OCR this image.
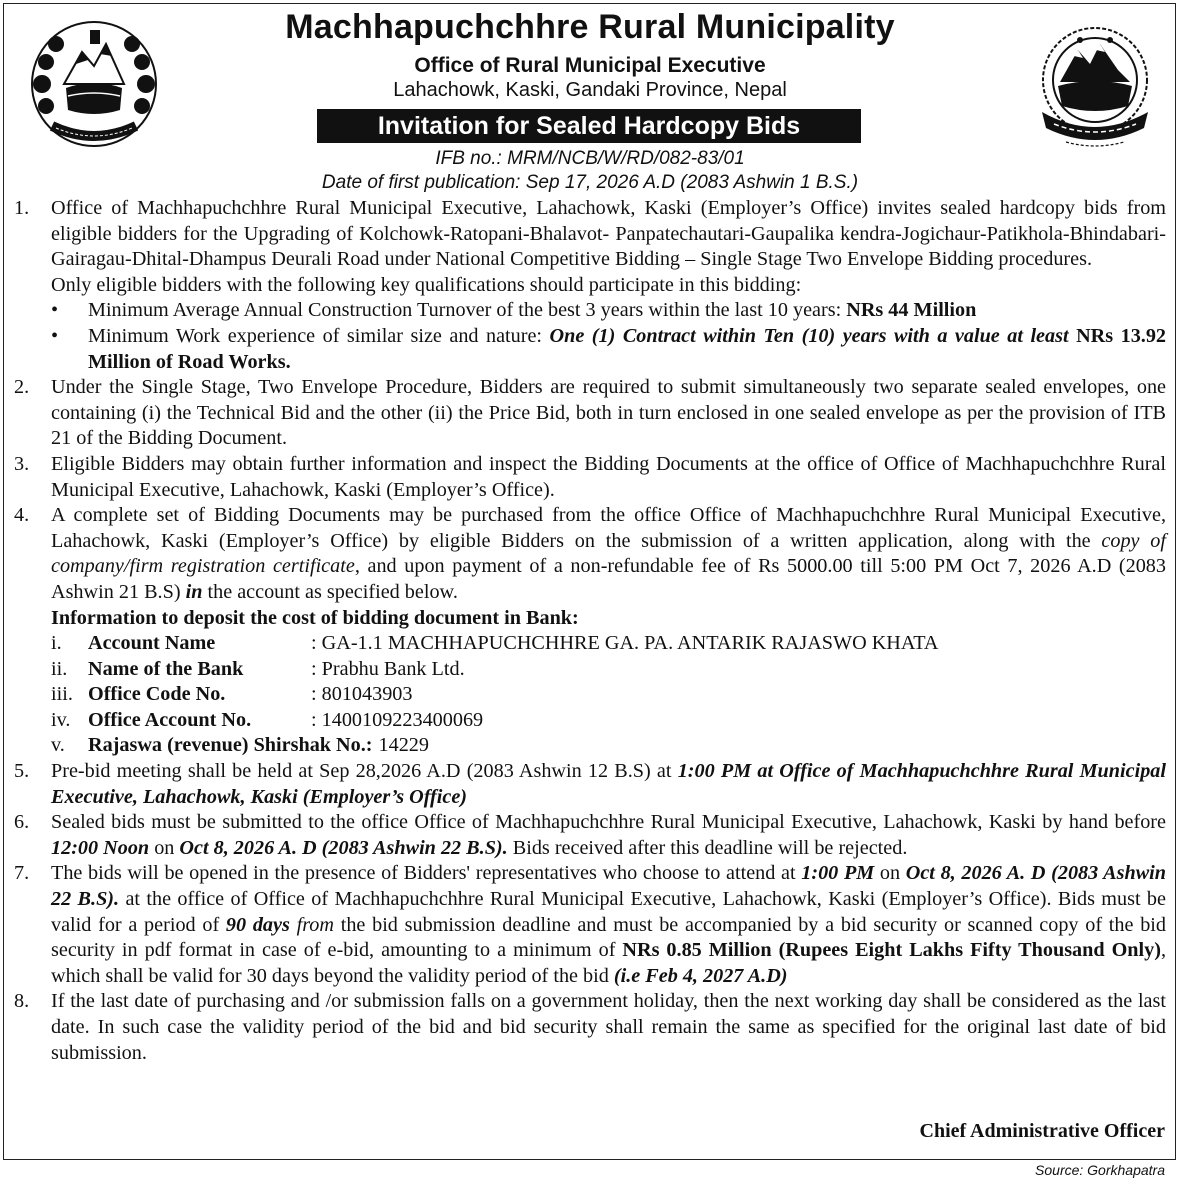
Machhapuchchhre Rural Municipality
Office of Rural Municipal Executive
Lahachowk, Kaski, Gandaki Province, Nepal
Invitation for Sealed Hardcopy Bids
IFB no.: MRM/NCB/W/RD/082-83/01
Date of first publication: Sep 17, 2026 A.D (2083 Ashwin 1 B.S.)
1.	Office of Machhapuchchhre Rural Municipal Executive, Lahachowk, Kaski (Employer’s Office) invites sealed hardcopy bids from eligible bidders for the Upgrading of Kolchowk-Ratopani-Bhalavot- Panpatechautari-Gaupalika kendra-Jogichaur-Patikhola-Bhindabari-Gairagau-Dhital-Dhampus Deurali Road under National Competitive Bidding – Single Stage Two Envelope Bidding procedures.

Only eligible bidders with the following key qualifications should participate in this bidding:

•	Minimum Average Annual Construction Turnover of the best 3 years within the last 10 years: NRs 44 Million
•	Minimum Work experience of similar size and nature: One (1) Contract within Ten (10) years with a value at least NRs 13.92 Million of Road Works.
2.	Under the Single Stage, Two Envelope Procedure, Bidders are required to submit simultaneously two separate sealed envelopes, one containing (i) the Technical Bid and the other (ii) the Price Bid, both in turn enclosed in one sealed envelope as per the provision of ITB 21 of the Bidding Document.

3.	Eligible Bidders may obtain further information and inspect the Bidding Documents at the office of Office of Machhapuchchhre Rural Municipal Executive, Lahachowk, Kaski (Employer’s Office).

4.	A complete set of Bidding Documents may be purchased from the office Office of Machhapuchchhre Rural Municipal Executive, Lahachowk, Kaski (Employer’s Office) by eligible Bidders on the submission of a written application, along with the copy of company/firm registration certificate, and upon payment of a non-refundable fee of Rs 5000.00 till 5:00 PM Oct 7, 2026 A.D (2083 Ashwin 21 B.S) in the account as specified below.

Information to deposit the cost of bidding document in Bank:

i.	Account Name	: GA-1.1 MACHHAPUCHCHHRE GA. PA. ANTARIK RAJASWO KHATA
ii.	Name of the Bank	: Prabhu Bank Ltd.
iii. Office Code No.	: 801043903
iv. Office Account No.	: 1400109223400069
v.	Rajaswa (revenue) Shirshak No.: 14229
5.	Pre-bid meeting shall be held at Sep 28,2026 A.D (2083 Ashwin 12 B.S) at 1:00 PM at Office of Machhapuchchhre Rural Municipal Executive, Lahachowk, Kaski (Employer’s Office)

6.	Sealed bids must be submitted to the office Office of Machhapuchchhre Rural Municipal Executive, Lahachowk, Kaski by hand before 12:00 Noon on Oct 8, 2026 A. D (2083 Ashwin 22 B.S). Bids received after this deadline will be rejected.

7.	The bids will be opened in the presence of Bidders' representatives who choose to attend at 1:00 PM on Oct 8, 2026 A. D (2083 Ashwin 22 B.S). at the office of Office of Machhapuchchhre Rural Municipal Executive, Lahachowk, Kaski (Employer’s Office). Bids must be valid for a period of 90 days from the bid submission deadline and must be accompanied by a bid security or scanned copy of the bid security in pdf format in case of e-bid, amounting to a minimum of NRs 0.85 Million (Rupees Eight Lakhs Fifty Thousand Only), which shall be valid for 30 days beyond the validity period of the bid (i.e Feb 4, 2027 A.D)

8.	If the last date of purchasing and /or submission falls on a government holiday, then the next working day shall be considered as the last date. In such case the validity period of the bid and bid security shall remain the same as specified for the original last date of bid submission.

Chief Administrative Officer
Source: Gorkhapatra
